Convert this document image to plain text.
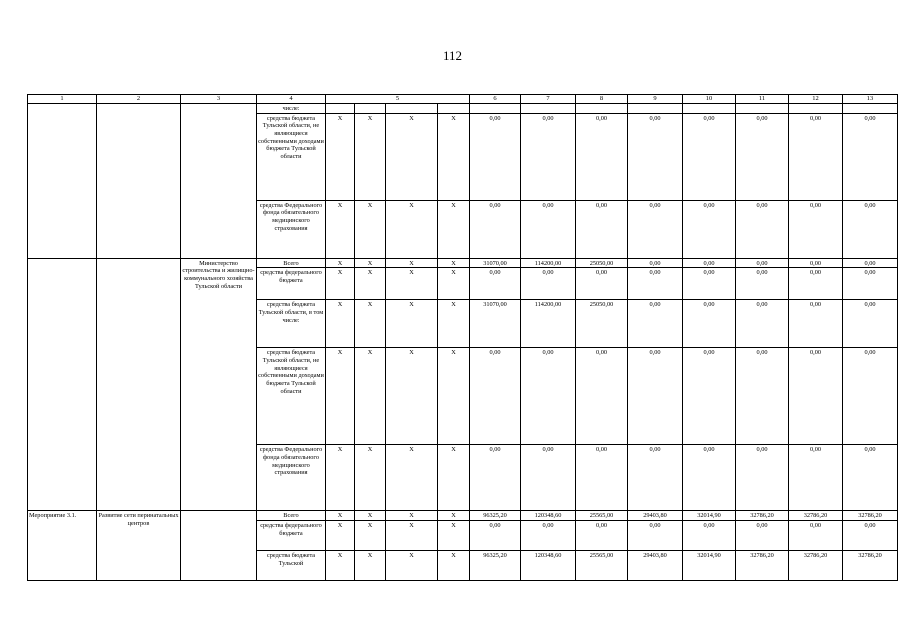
112
1	2	3	4	5				6	7	8	9	10	11	12	13
			числе:												
			средства бюджета Тульской области, не являющиеся собственными доходами бюджета Тульской области	X	X	X	X	0,00	0,00	0,00	0,00	0,00	0,00	0,00	0,00
			средства Федерального фонда обязательного медицинского страхования	X	X	X	X	0,00	0,00	0,00	0,00	0,00	0,00	0,00	0,00
		Министерство строительства и жилищно-коммунального хозяйства Тульской области	Всего	X	X	X	X	31070,00	114200,00	25050,00	0,00	0,00	0,00	0,00	0,00
			средства федерального бюджета	X	X	X	X	0,00	0,00	0,00	0,00	0,00	0,00	0,00	0,00
			средства бюджета Тульской области, в том числе:	X	X	X	X	31070,00	114200,00	25050,00	0,00	0,00	0,00	0,00	0,00
			средства бюджета Тульской области, не являющиеся собственными доходами бюджета Тульской области	X	X	X	X	0,00	0,00	0,00	0,00	0,00	0,00	0,00	0,00
			средства Федерального фонда обязательного медицинского страхования	X	X	X	X	0,00	0,00	0,00	0,00	0,00	0,00	0,00	0,00
Мероприятие 3.1.	Развитие сети перинатальных центров		Всего	X	X	X	X	96325,20	120348,60	25565,00	29403,80	32014,90	32786,20	32786,20	32786,20
			средства федерального бюджета	X	X	X	X	0,00	0,00	0,00	0,00	0,00	0,00	0,00	0,00
			средства бюджета Тульской	X	X	X	X	96325,20	120348,60	25565,00	29403,80	32014,90	32786,20	32786,20	32786,20
